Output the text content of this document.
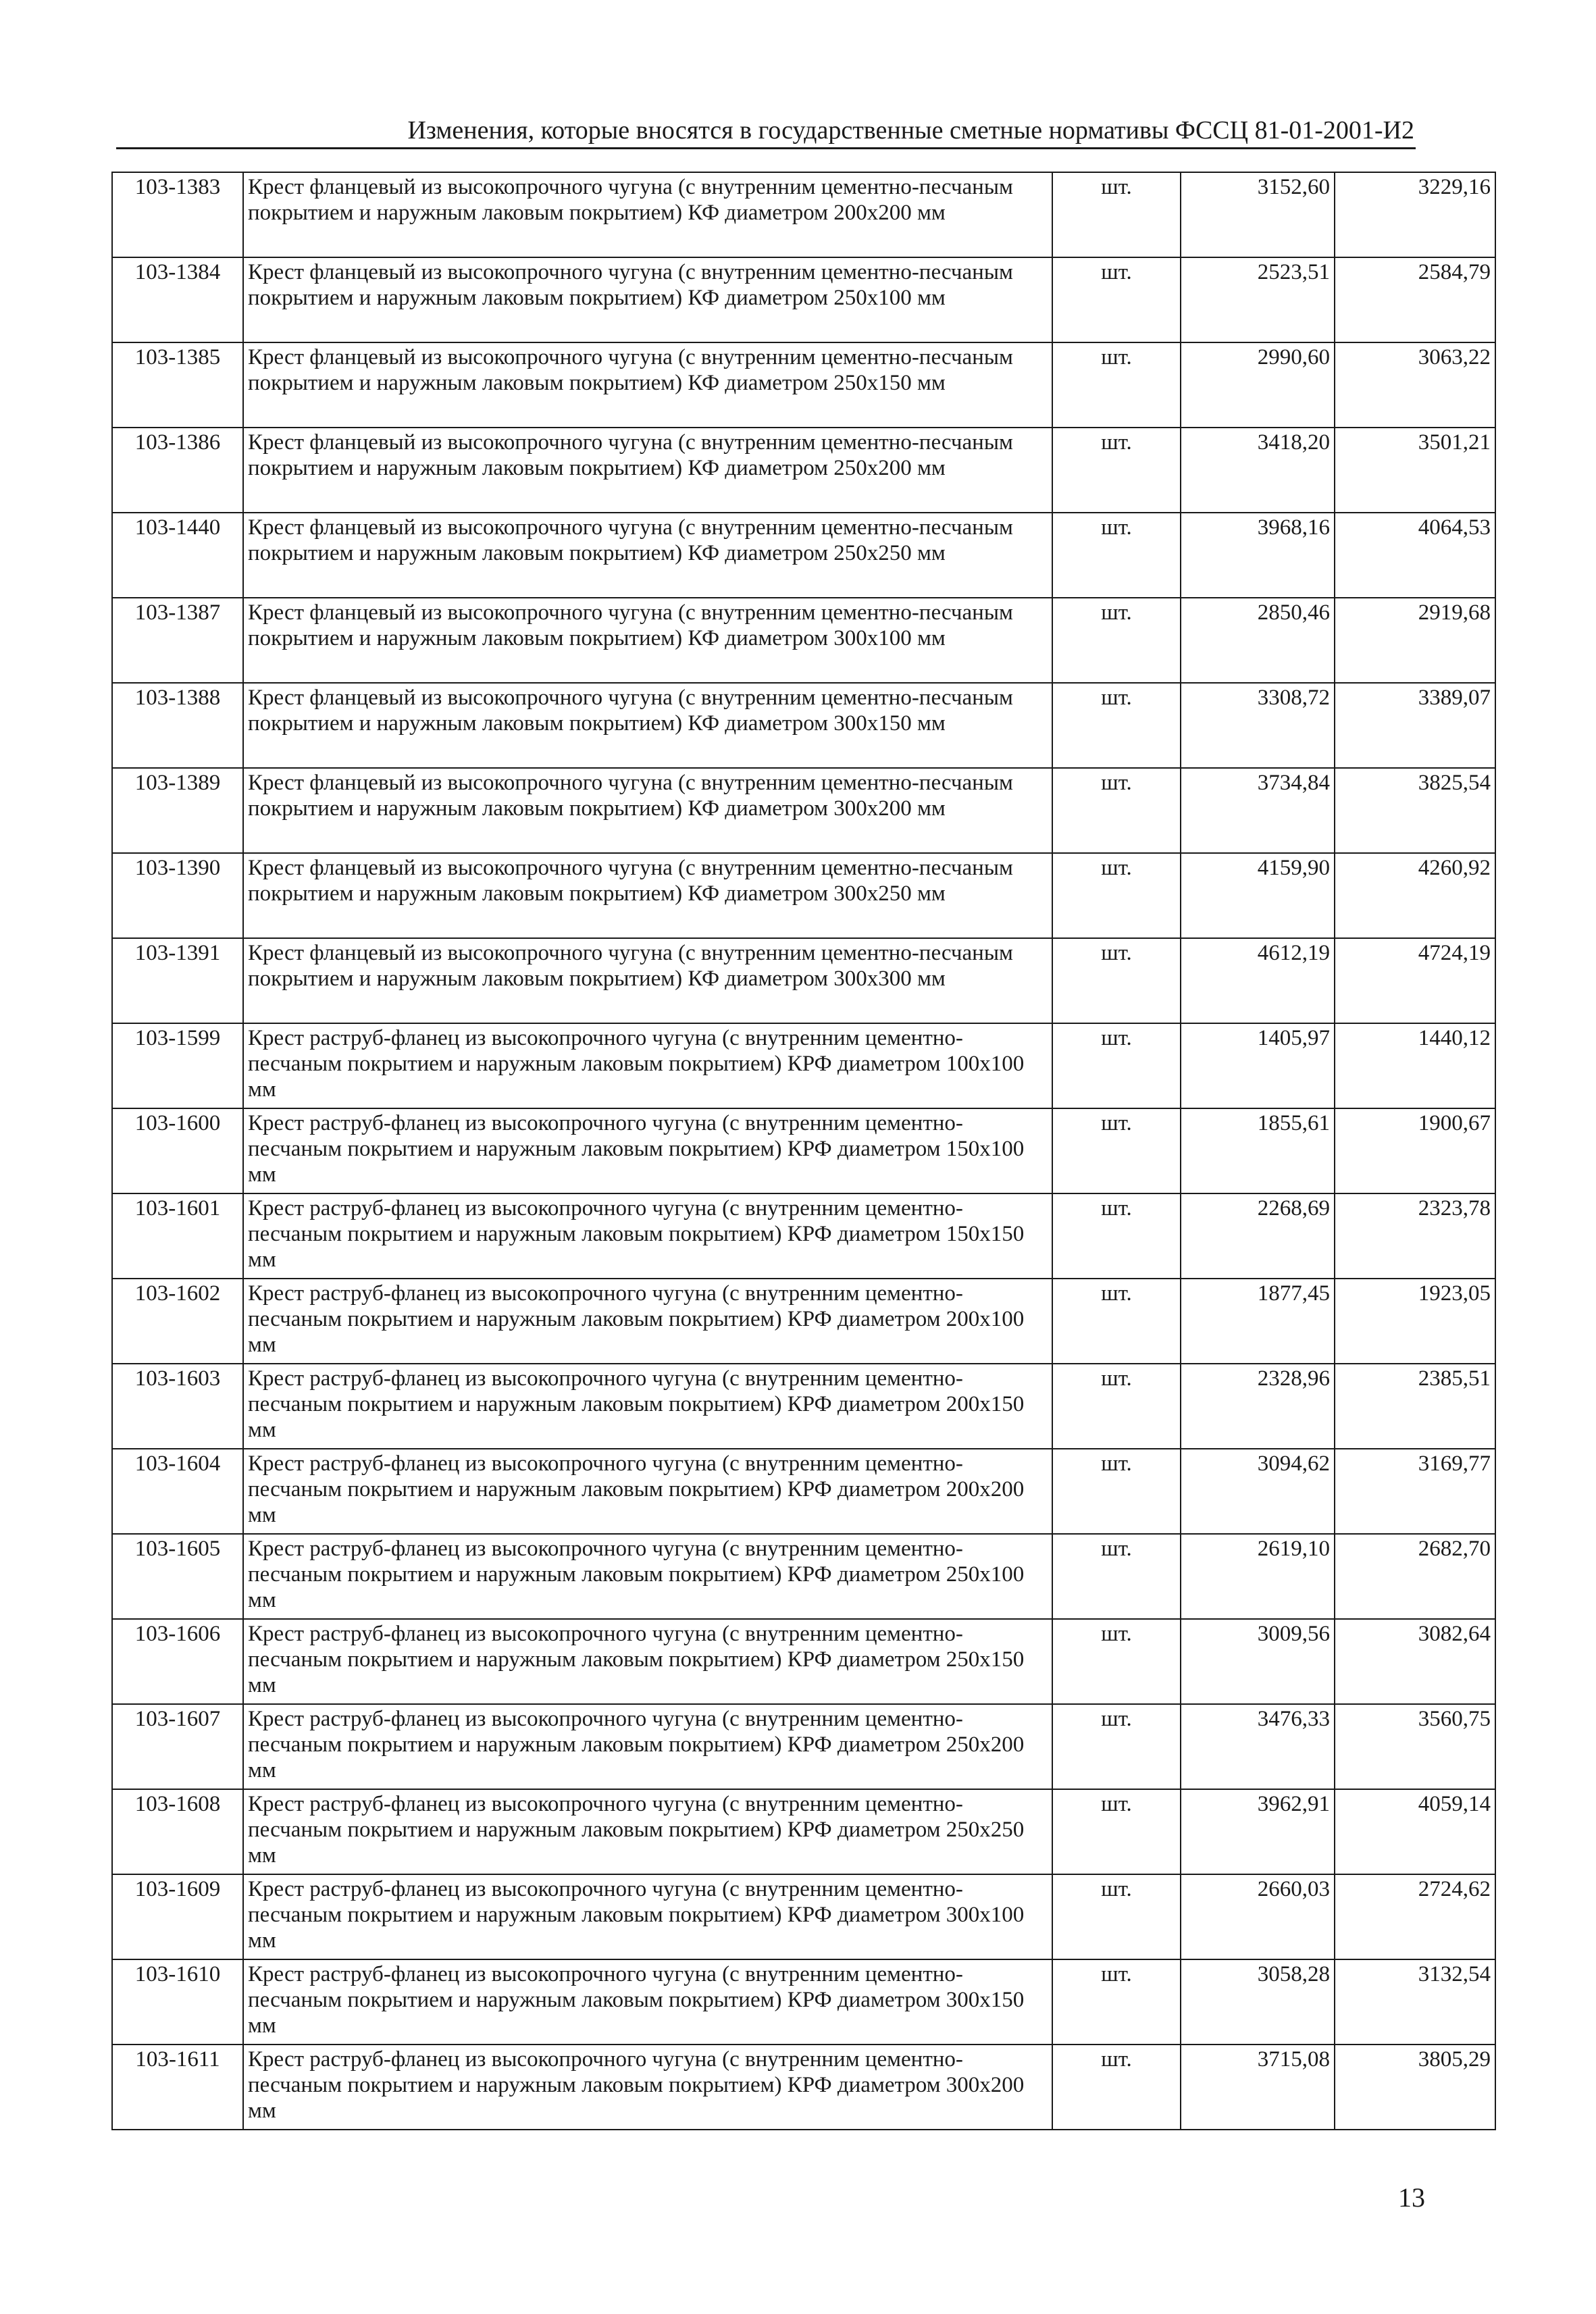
Изменения, которые вносятся в государственные сметные нормативы ФССЦ 81-01-2001-И2
103-1383	Крест фланцевый из высокопрочного чугуна (с внутренним цементно-песчаным покрытием и наружным лаковым покрытием) КФ диаметром 200x200 мм	шт.	3152,60	3229,16
103-1384	Крест фланцевый из высокопрочного чугуна (с внутренним цементно-песчаным покрытием и наружным лаковым покрытием) КФ диаметром 250x100 мм	шт.	2523,51	2584,79
103-1385	Крест фланцевый из высокопрочного чугуна (с внутренним цементно-песчаным покрытием и наружным лаковым покрытием) КФ диаметром 250x150 мм	шт.	2990,60	3063,22
103-1386	Крест фланцевый из высокопрочного чугуна (с внутренним цементно-песчаным покрытием и наружным лаковым покрытием) КФ диаметром 250x200 мм	шт.	3418,20	3501,21
103-1440	Крест фланцевый из высокопрочного чугуна (с внутренним цементно-песчаным покрытием и наружным лаковым покрытием) КФ диаметром 250x250 мм	шт.	3968,16	4064,53
103-1387	Крест фланцевый из высокопрочного чугуна (с внутренним цементно-песчаным покрытием и наружным лаковым покрытием) КФ диаметром 300x100 мм	шт.	2850,46	2919,68
103-1388	Крест фланцевый из высокопрочного чугуна (с внутренним цементно-песчаным покрытием и наружным лаковым покрытием) КФ диаметром 300x150 мм	шт.	3308,72	3389,07
103-1389	Крест фланцевый из высокопрочного чугуна (с внутренним цементно-песчаным покрытием и наружным лаковым покрытием) КФ диаметром 300x200 мм	шт.	3734,84	3825,54
103-1390	Крест фланцевый из высокопрочного чугуна (с внутренним цементно-песчаным покрытием и наружным лаковым покрытием) КФ диаметром 300x250 мм	шт.	4159,90	4260,92
103-1391	Крест фланцевый из высокопрочного чугуна (с внутренним цементно-песчаным покрытием и наружным лаковым покрытием) КФ диаметром 300x300 мм	шт.	4612,19	4724,19
103-1599	Крест раструб-фланец из высокопрочного чугуна (с внутренним цементно-песчаным покрытием и наружным лаковым покрытием) КРФ диаметром 100x100 мм	шт.	1405,97	1440,12
103-1600	Крест раструб-фланец из высокопрочного чугуна (с внутренним цементно-песчаным покрытием и наружным лаковым покрытием) КРФ диаметром 150x100 мм	шт.	1855,61	1900,67
103-1601	Крест раструб-фланец из высокопрочного чугуна (с внутренним цементно-песчаным покрытием и наружным лаковым покрытием) КРФ диаметром 150x150 мм	шт.	2268,69	2323,78
103-1602	Крест раструб-фланец из высокопрочного чугуна (с внутренним цементно-песчаным покрытием и наружным лаковым покрытием) КРФ диаметром 200x100 мм	шт.	1877,45	1923,05
103-1603	Крест раструб-фланец из высокопрочного чугуна (с внутренним цементно-песчаным покрытием и наружным лаковым покрытием) КРФ диаметром 200x150 мм	шт.	2328,96	2385,51
103-1604	Крест раструб-фланец из высокопрочного чугуна (с внутренним цементно-песчаным покрытием и наружным лаковым покрытием) КРФ диаметром 200x200 мм	шт.	3094,62	3169,77
103-1605	Крест раструб-фланец из высокопрочного чугуна (с внутренним цементно-песчаным покрытием и наружным лаковым покрытием) КРФ диаметром 250x100 мм	шт.	2619,10	2682,70
103-1606	Крест раструб-фланец из высокопрочного чугуна (с внутренним цементно-песчаным покрытием и наружным лаковым покрытием) КРФ диаметром 250x150 мм	шт.	3009,56	3082,64
103-1607	Крест раструб-фланец из высокопрочного чугуна (с внутренним цементно-песчаным покрытием и наружным лаковым покрытием) КРФ диаметром 250x200 мм	шт.	3476,33	3560,75
103-1608	Крест раструб-фланец из высокопрочного чугуна (с внутренним цементно-песчаным покрытием и наружным лаковым покрытием) КРФ диаметром 250x250 мм	шт.	3962,91	4059,14
103-1609	Крест раструб-фланец из высокопрочного чугуна (с внутренним цементно-песчаным покрытием и наружным лаковым покрытием) КРФ диаметром 300x100 мм	шт.	2660,03	2724,62
103-1610	Крест раструб-фланец из высокопрочного чугуна (с внутренним цементно-песчаным покрытием и наружным лаковым покрытием) КРФ диаметром 300x150 мм	шт.	3058,28	3132,54
103-1611	Крест раструб-фланец из высокопрочного чугуна (с внутренним цементно-песчаным покрытием и наружным лаковым покрытием) КРФ диаметром 300x200 мм	шт.	3715,08	3805,29
13
